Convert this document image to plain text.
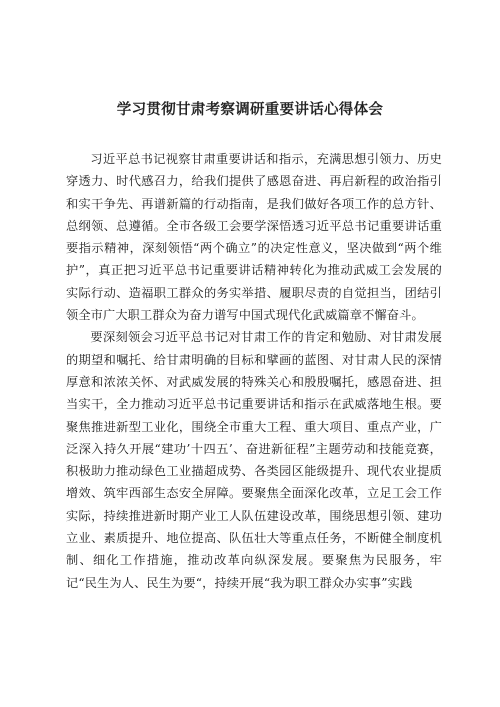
学习贯彻甘肃考察调研重要讲话心得体会

习近平总书记视察甘肃重要讲话和指示，充满思想引领力、历史穿透力、时代感召力，给我们提供了感恩奋进、再启新程的政治指引和实干争先、再谱新篇的行动指南，是我们做好各项工作的总方针、总纲领、总遵循。全市各级工会要学深悟透习近平总书记重要讲话重要指示精神，深刻领悟“两个确立”的决定性意义，坚决做到“两个维护”，真正把习近平总书记重要讲话精神转化为推动武威工会发展的实际行动、造福职工群众的务实举措、履职尽责的自觉担当，团结引领全市广大职工群众为奋力谱写中国式现代化武威篇章不懈奋斗。

要深刻领会习近平总书记对甘肃工作的肯定和勉励、对甘肃发展的期望和嘱托、给甘肃明确的目标和擘画的蓝图、对甘肃人民的深情厚意和浓浓关怀、对武威发展的特殊关心和殷殷嘱托，感恩奋进、担当实干，全力推动习近平总书记重要讲话和指示在武威落地生根。要聚焦推进新型工业化，围绕全市重大工程、重大项目、重点产业，广泛深入持久开展“建功’十四五’、奋进新征程”主题劳动和技能竞赛，积极助力推动绿色工业描超成势、各类园区能级提升、现代农业提质增效、筑牢西部生态安全屏障。要聚焦全面深化改革，立足工会工作实际，持续推进新时期产业工人队伍建设改革，围绕思想引领、建功立业、素质提升、地位提高、队伍壮大等重点任务，不断健全制度机制、细化工作措施，推动改革向纵深发展。要聚焦为民服务，牢记“民生为人、民生为要“，持续开展“我为职工群众办实事”实践
